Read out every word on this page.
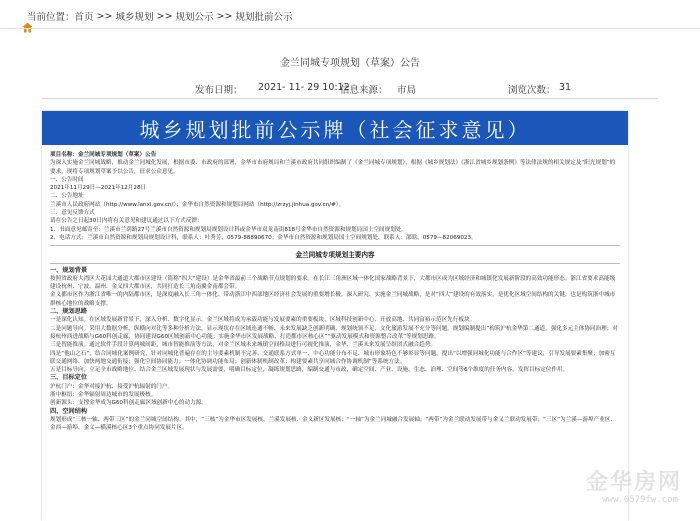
当前位置： 首页 >> 城乡规划 >> 规划公示 >> 规划批前公示
金兰同城专项规划（草案）公告
发布日期： 2021- 11- 29 10:12
信息来源： 市局	浏览次数： 31
城乡规划批前公示牌（社会征求意见）

项目名称：金兰同城专项规划（草案）公告

为深入实施金兰同城战略，推动金兰同城化发展，根据市委、市政府的部署，金华市市府规局和兰溪市政府共同组织编制了《金兰同城专项规划》，根据《城乡规划法》《浙江省城乡规划条例》等法律法规的相关规定及“阳光规划”的要求，现将专项规划草案予以公告，征求公众意见。

一、公告时间

2021年11月29日—2021年12月28日

二、公告地址

兰溪市人民政府网站（http://www.lanxi.gov.cn/）；金华市自然资源和规划局网站（http://zrzyj.jinhua.gov.cn/#）。

三、意见反馈方式

请在公告之日起30日内将有关意见和建议通过以下方式反馈：

1、书面意见邮寄至：兰溪市兰荫路27号兰溪市自然资源和规划局规划设计科或金华市双龙南街818号金华市自然资源和规划局国土空间规划处。

2、电话方式：兰溪市自然资源和规划局规划设计科，联系人：叶秀芳，0579-88890670；金华市自然资源和规划局国土空间规划处，联系人：邵晗，0579—82069023。

金兰同城专项规划主要内容

一、规划背景

按照省政府大湾区大花园大通道大都市区建设（简称“四大”建设）是金华省最前三个战略节点规划的要求。在长江三角洲区域一体化国家战略背景下，大都市区成为区域经济和城镇化发展新阶段的高效功能形态。浙江省要求高能级建设杭州、宁波、温州、金义四大都市区，共同打造长三角南翼金南都会带。

金义都市区作为浙江省唯一的内陆都市区，是深度融入长三角一体化、带动浙江中西部地区经济社会发展的重要增长极。深入研究、实施金兰同城战略，是对“四大”建设的有效落实，是优化区域空间结构的关键，也是构筑浙中城市群核心地位的战略支撑。

二、规划思路

一是深化认知。在区域发展新背景下，深入分析、数字化显示，金兰区域将成为承载功能与发展要素的重要板块，区域科技创新中心、开放高地、共同富裕示范区先行板块。

二是问题导向。采用大数据分析、纵横向对比等多种分析方法，显示现状存在区域连通不畅、未来发展缺乏创新明确、规划统领不足、文化旅游发展不充分等问题。规划编制提出“构筑沪杭金华第二通道，强化多元主体协同治理；对接杭州西进战略与G60科创走廊，协同建设G60区域创新中心功能；实施金华市区发展战略、打造都市区核心区”“驱动发展模式和资源整合改革”等规划思路。

三是智能推演。通过软件手段计算两城间距，城市智能推演等方法，对金兰区域未来城镇空间格局进行可视化推演，金华、兰溪未来发展呈组团式融合趋势。

四是“他山之石”，结合同城化案例研究，针对同城化普遍存在的主导要素机制不完善、交通联系方式单一、中心功能分布不足、城市形象特色不够彰显等问题，提出“以增强同城化功能与合作区”等建议，引导发展要素集聚；加密互联交通网络，加快两地交通衔接；强化空间协同能力；一体化协调功能布局；创新体制机制改革；构建要素共享同城合作协调机制“等系统方法。

五是目标导向，立足全市战略地位、结合金兰区域发展现状与发展需要，明确目标定位，凝练规划思路，编制交通与市政，确定空间、产业、设施、生态、治理、空间等6个维度的任务内容。发挥目标定位作用。

三、目标定位

沪杭门户：金华对接沪杭、接受沪杭辐射的门户。

浙中枢纽：金华辐射周边城市的发展极核。

创新源头：支撑金华成为G60科创走廊区域创新中心的动力源。

四、空间结构

规划形成“三核一轴、两带三区”的金兰同城空间结构。其中，“三核”为金华市区发展核、兰溪发展核、金义新区发展核；“一轴”为金兰同城融合发展轴；“两带”为金兰联动发展带与金义兰联动发展带；“三区”为兰溪—游埠产业区、金西—游埠、金义—横溪核心区3个重点协同发展片区。

金华房网
www.0579fw.com
